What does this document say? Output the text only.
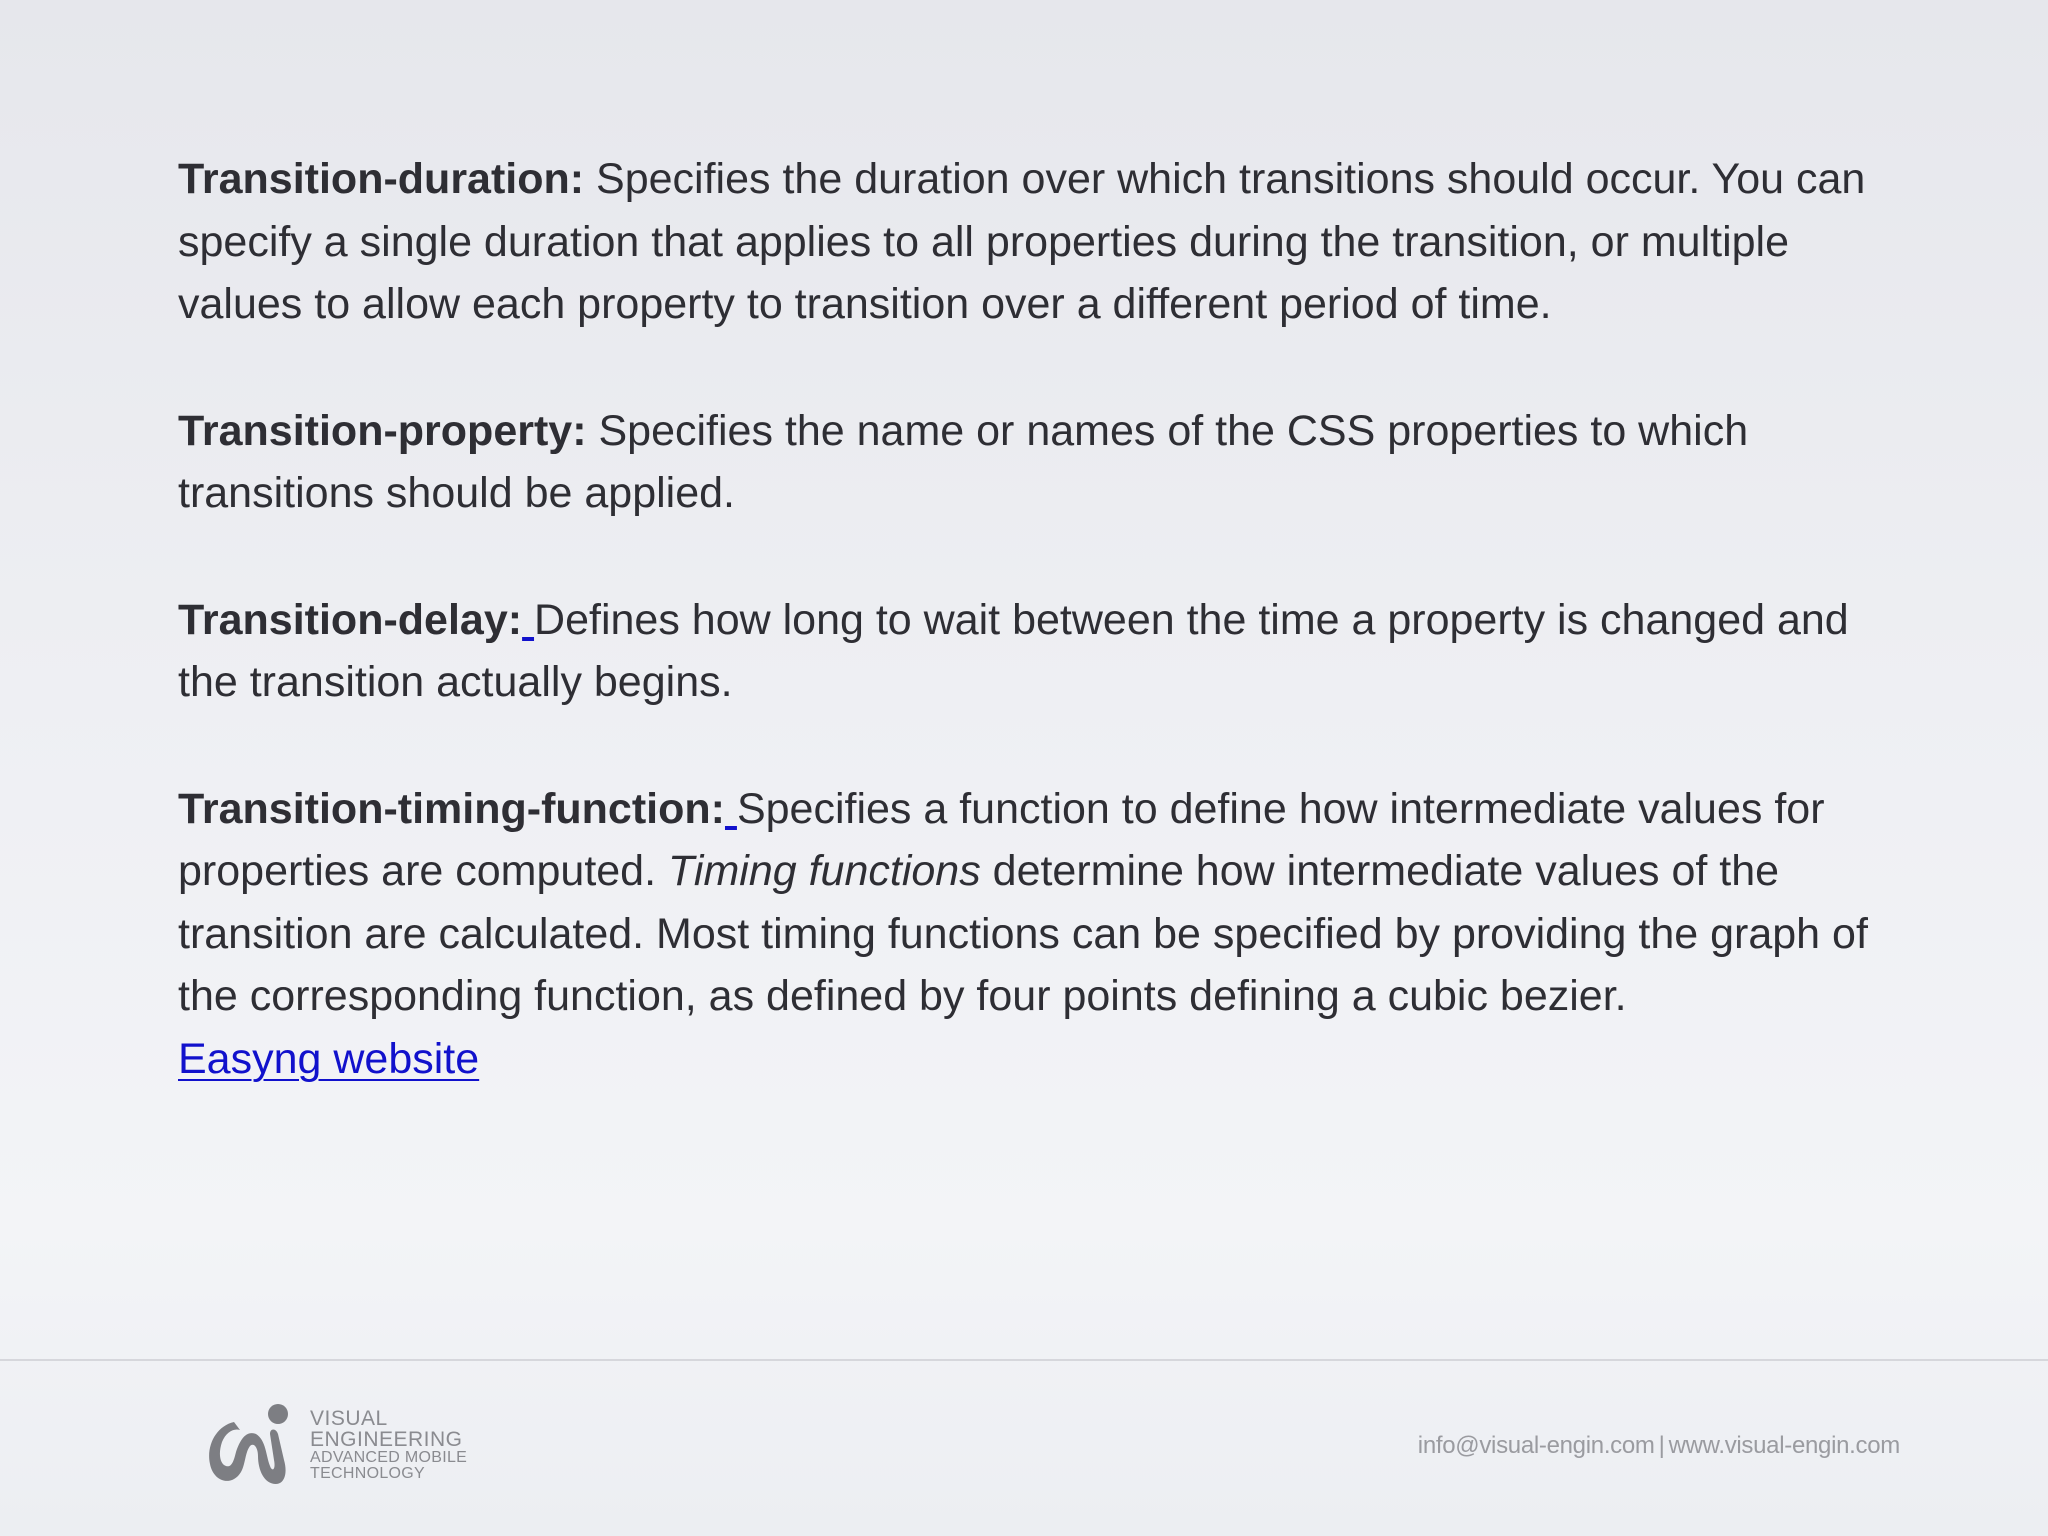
Transition-duration: Specifies the duration over which transitions should occur. You can specify a single duration that applies to all properties during the transition, or multiple values to allow each property to transition over a different period of time.

Transition-property: Specifies the name or names of the CSS properties to which transitions should be applied.

Transition-delay: Defines how long to wait between the time a property is changed and the transition actually begins.

Transition-timing-function: Specifies a function to define how intermediate values for properties are computed. Timing functions determine how intermediate values of the transition are calculated. Most timing functions can be specified by providing the graph of the corresponding function, as defined by four points defining a cubic bezier.
Easyng website

VISUAL
ENGINEERING
ADVANCED MOBILE
TECHNOLOGY
info@visual-engin.com | www.visual-engin.com
